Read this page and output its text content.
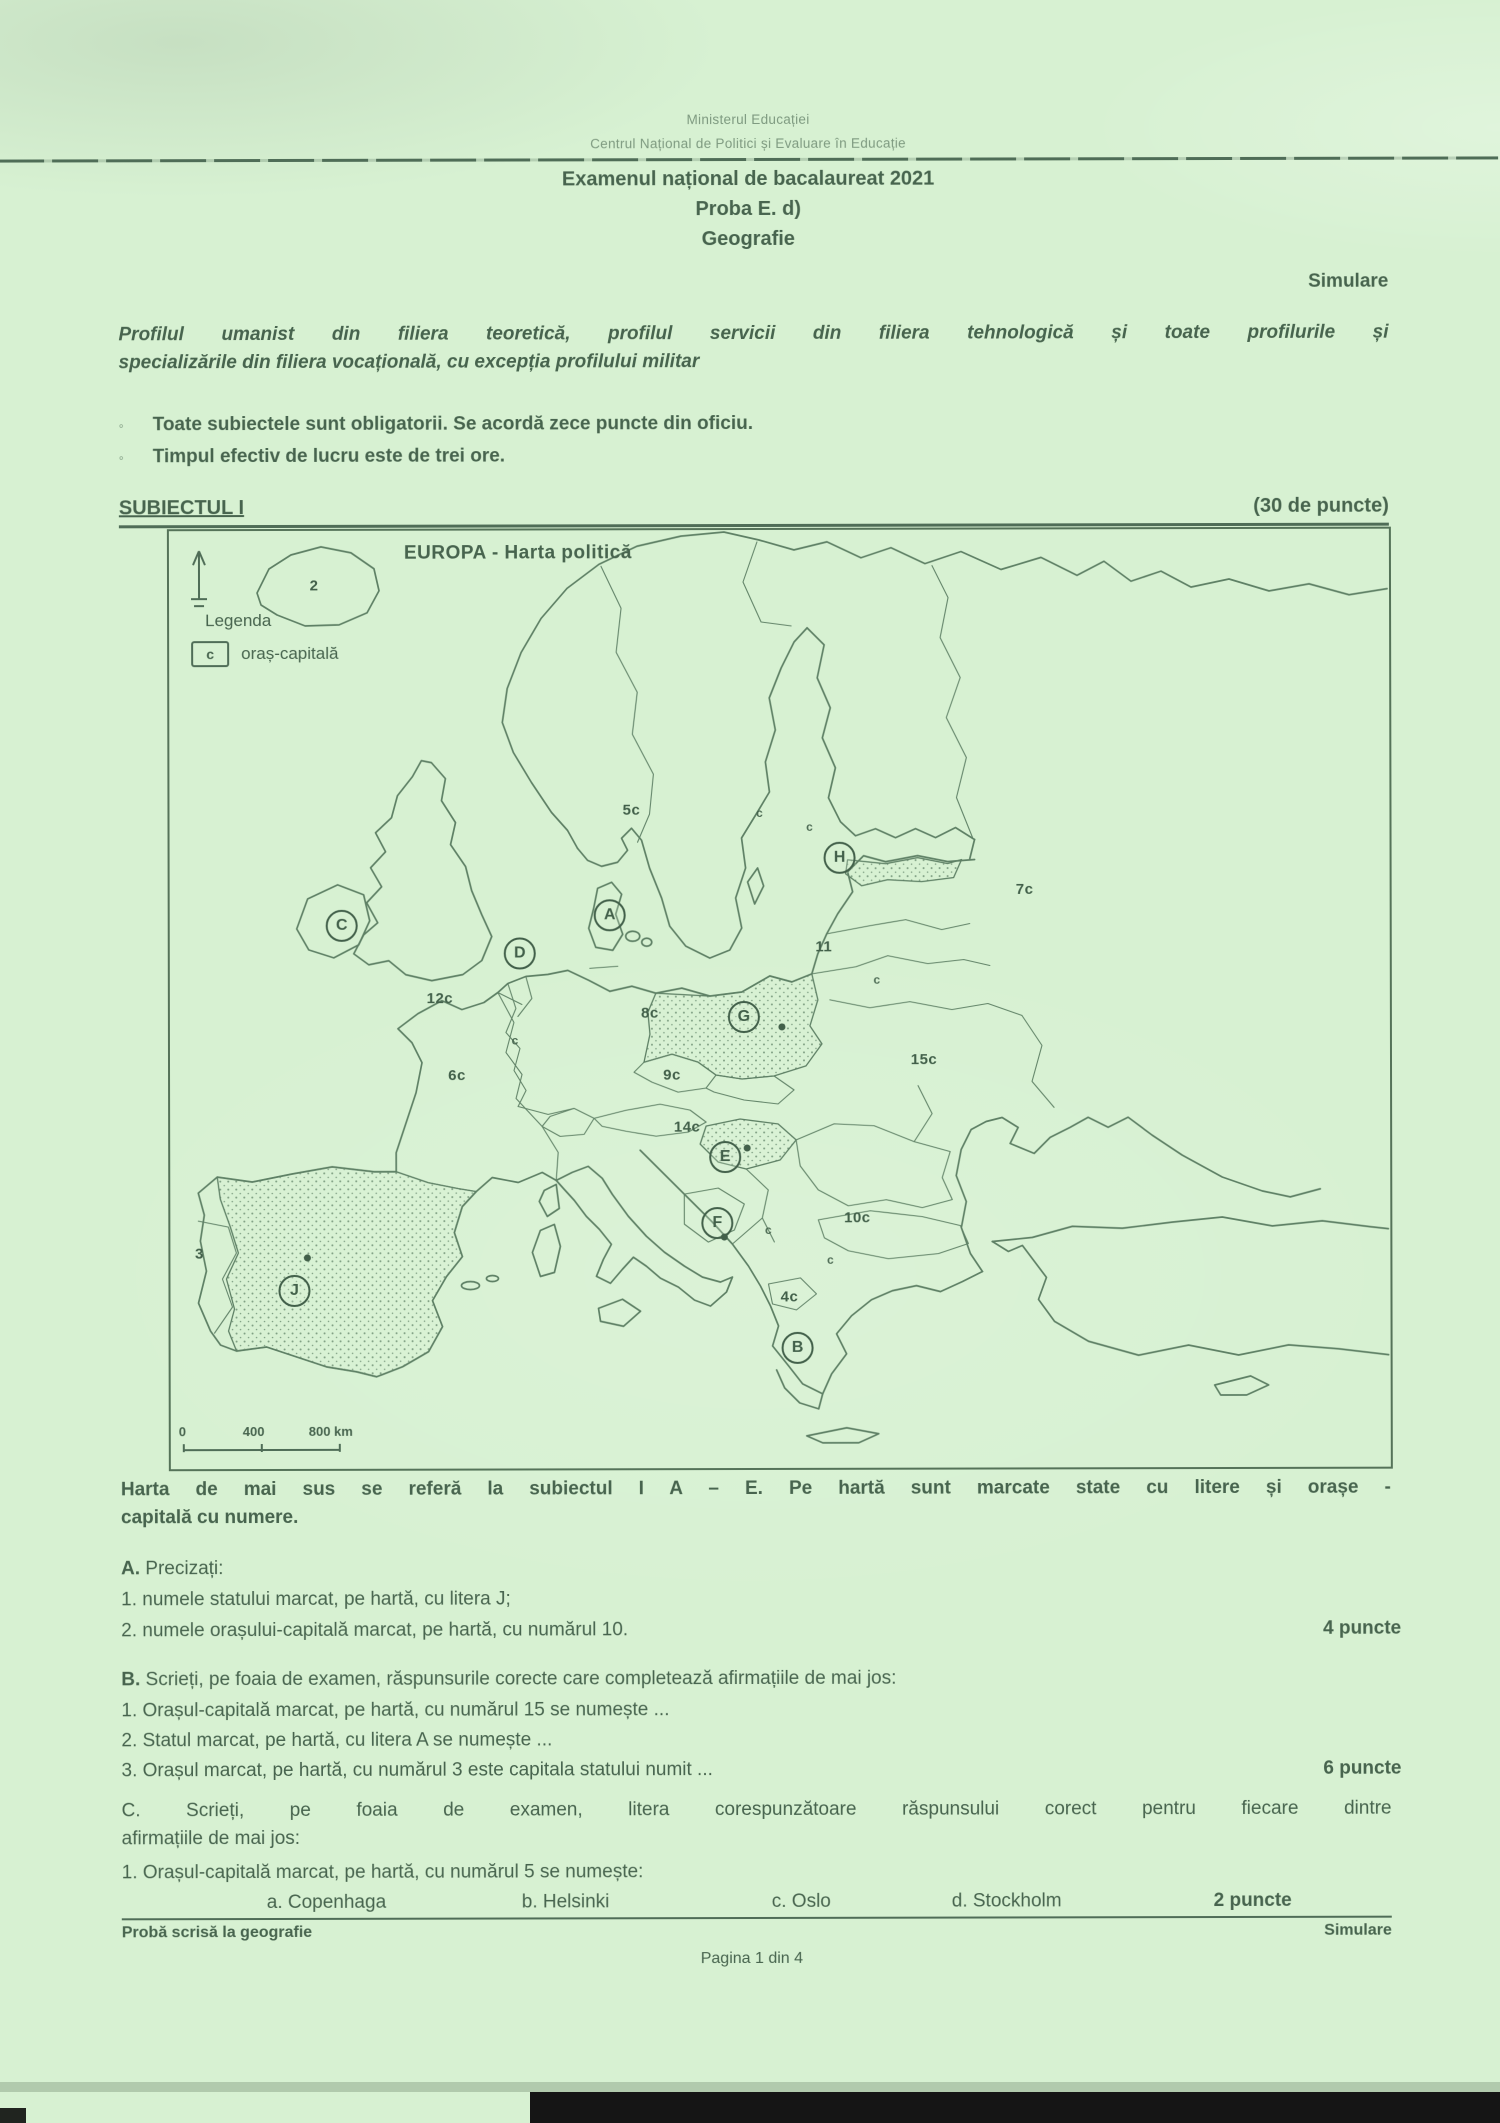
Ministerul Educației
Centrul Național de Politici și Evaluare în Educație
Examenul național de bacalaureat 2021
Proba E. d)
Geografie
Simulare
Profilul umanist din filiera teoretică, profilul servicii din filiera tehnologică și toate profilurile și
specializările din filiera vocațională, cu excepția profilului militar
◦ Toate subiectele sunt obligatorii. Se acordă zece puncte din oficiu.
◦ Timpul efectiv de lucru este de trei ore.
SUBIECTUL I	(30 de puncte)
EUROPA - Harta politică
Legenda
c oraș-capitală
0	400	800 km
A
B
C
D
E
F
G
H
J
2
3
4c
5c
6c
7c
8c
9c
10c
11
12c
14c
15c
c
c
c
c
c
c
Harta de mai sus se referă la subiectul I A – E. Pe hartă sunt marcate state cu litere și orașe -
capitală cu numere.
A. Precizați:
1. numele statului marcat, pe hartă, cu litera J;
2. numele orașului-capitală marcat, pe hartă, cu numărul 10.	4 puncte
B. Scrieți, pe foaia de examen, răspunsurile corecte care completează afirmațiile de mai jos:
1. Orașul-capitală marcat, pe hartă, cu numărul 15 se numește ...
2. Statul marcat, pe hartă, cu litera A se numește ...
3. Orașul marcat, pe hartă, cu numărul 3 este capitala statului numit ...	6 puncte
C. Scrieți, pe foaia de examen, litera corespunzătoare răspunsului corect pentru fiecare dintre
afirmațiile de mai jos:
1. Orașul-capitală marcat, pe hartă, cu numărul 5 se numește:
a. Copenhaga	b. Helsinki	c. Oslo	d. Stockholm	2 puncte
Probă scrisă la geografie	Simulare
Pagina 1 din 4
